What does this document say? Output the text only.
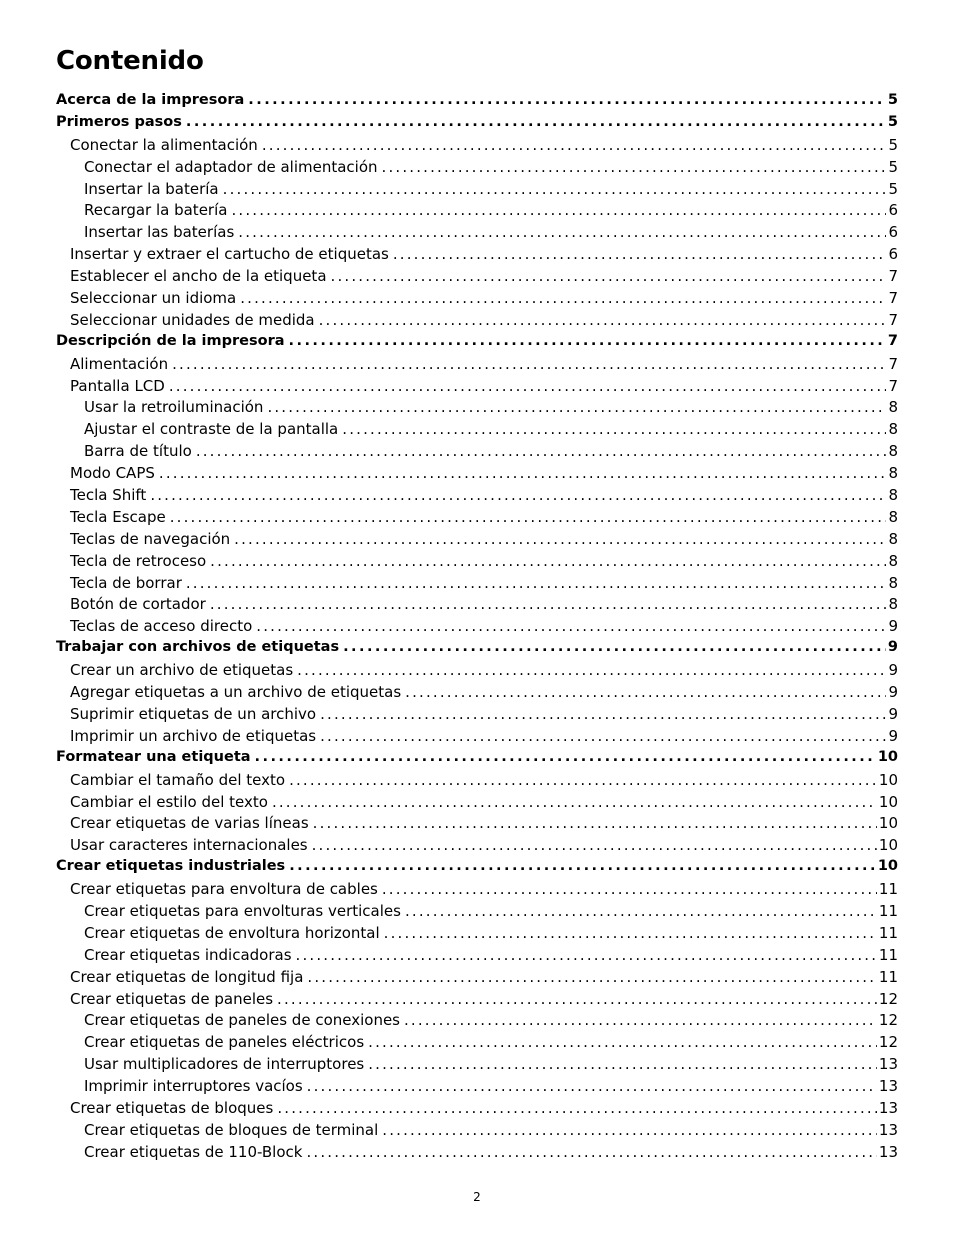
Contenido
Acerca de la impresora . . .	5
Primeros pasos . . .	5
Conectar la alimentación . . .	5
Conectar el adaptador de alimentación . . .	5
Insertar la batería . . .	5
Recargar la batería . . .	6
Insertar las baterías . . .	6
Insertar y extraer el cartucho de etiquetas . . .	6
Establecer el ancho de la etiqueta . . .	7
Seleccionar un idioma . . .	7
Seleccionar unidades de medida . . .	7
Descripción de la impresora . . .	7
Alimentación . . .	7
Pantalla LCD . . .	7
Usar la retroiluminación . . .	8
Ajustar el contraste de la pantalla . . .	8
Barra de título . . .	8
Modo CAPS . . .	8
Tecla Shift . . .	8
Tecla Escape . . .	8
Teclas de navegación . . .	8
Tecla de retroceso . . .	8
Tecla de borrar . . .	8
Botón de cortador . . .	8
Teclas de acceso directo . . .	9
Trabajar con archivos de etiquetas . . .	9
Crear un archivo de etiquetas . . .	9
Agregar etiquetas a un archivo de etiquetas . . .	9
Suprimir etiquetas de un archivo . . .	9
Imprimir un archivo de etiquetas . . .	9
Formatear una etiqueta . . .	10
Cambiar el tamaño del texto . . .	10
Cambiar el estilo del texto . . .	10
Crear etiquetas de varias líneas . . .	10
Usar caracteres internacionales . . .	10
Crear etiquetas industriales . . .	10
Crear etiquetas para envoltura de cables . . .	11
Crear etiquetas para envolturas verticales . . .	11
Crear etiquetas de envoltura horizontal . . .	11
Crear etiquetas indicadoras . . .	11
Crear etiquetas de longitud fija . . .	11
Crear etiquetas de paneles . . .	12
Crear etiquetas de paneles de conexiones . . .	12
Crear etiquetas de paneles eléctricos . . .	12
Usar multiplicadores de interruptores . . .	13
Imprimir interruptores vacíos . . .	13
Crear etiquetas de bloques . . .	13
Crear etiquetas de bloques de terminal . . .	13
Crear etiquetas de 110-Block . . .	13
2
